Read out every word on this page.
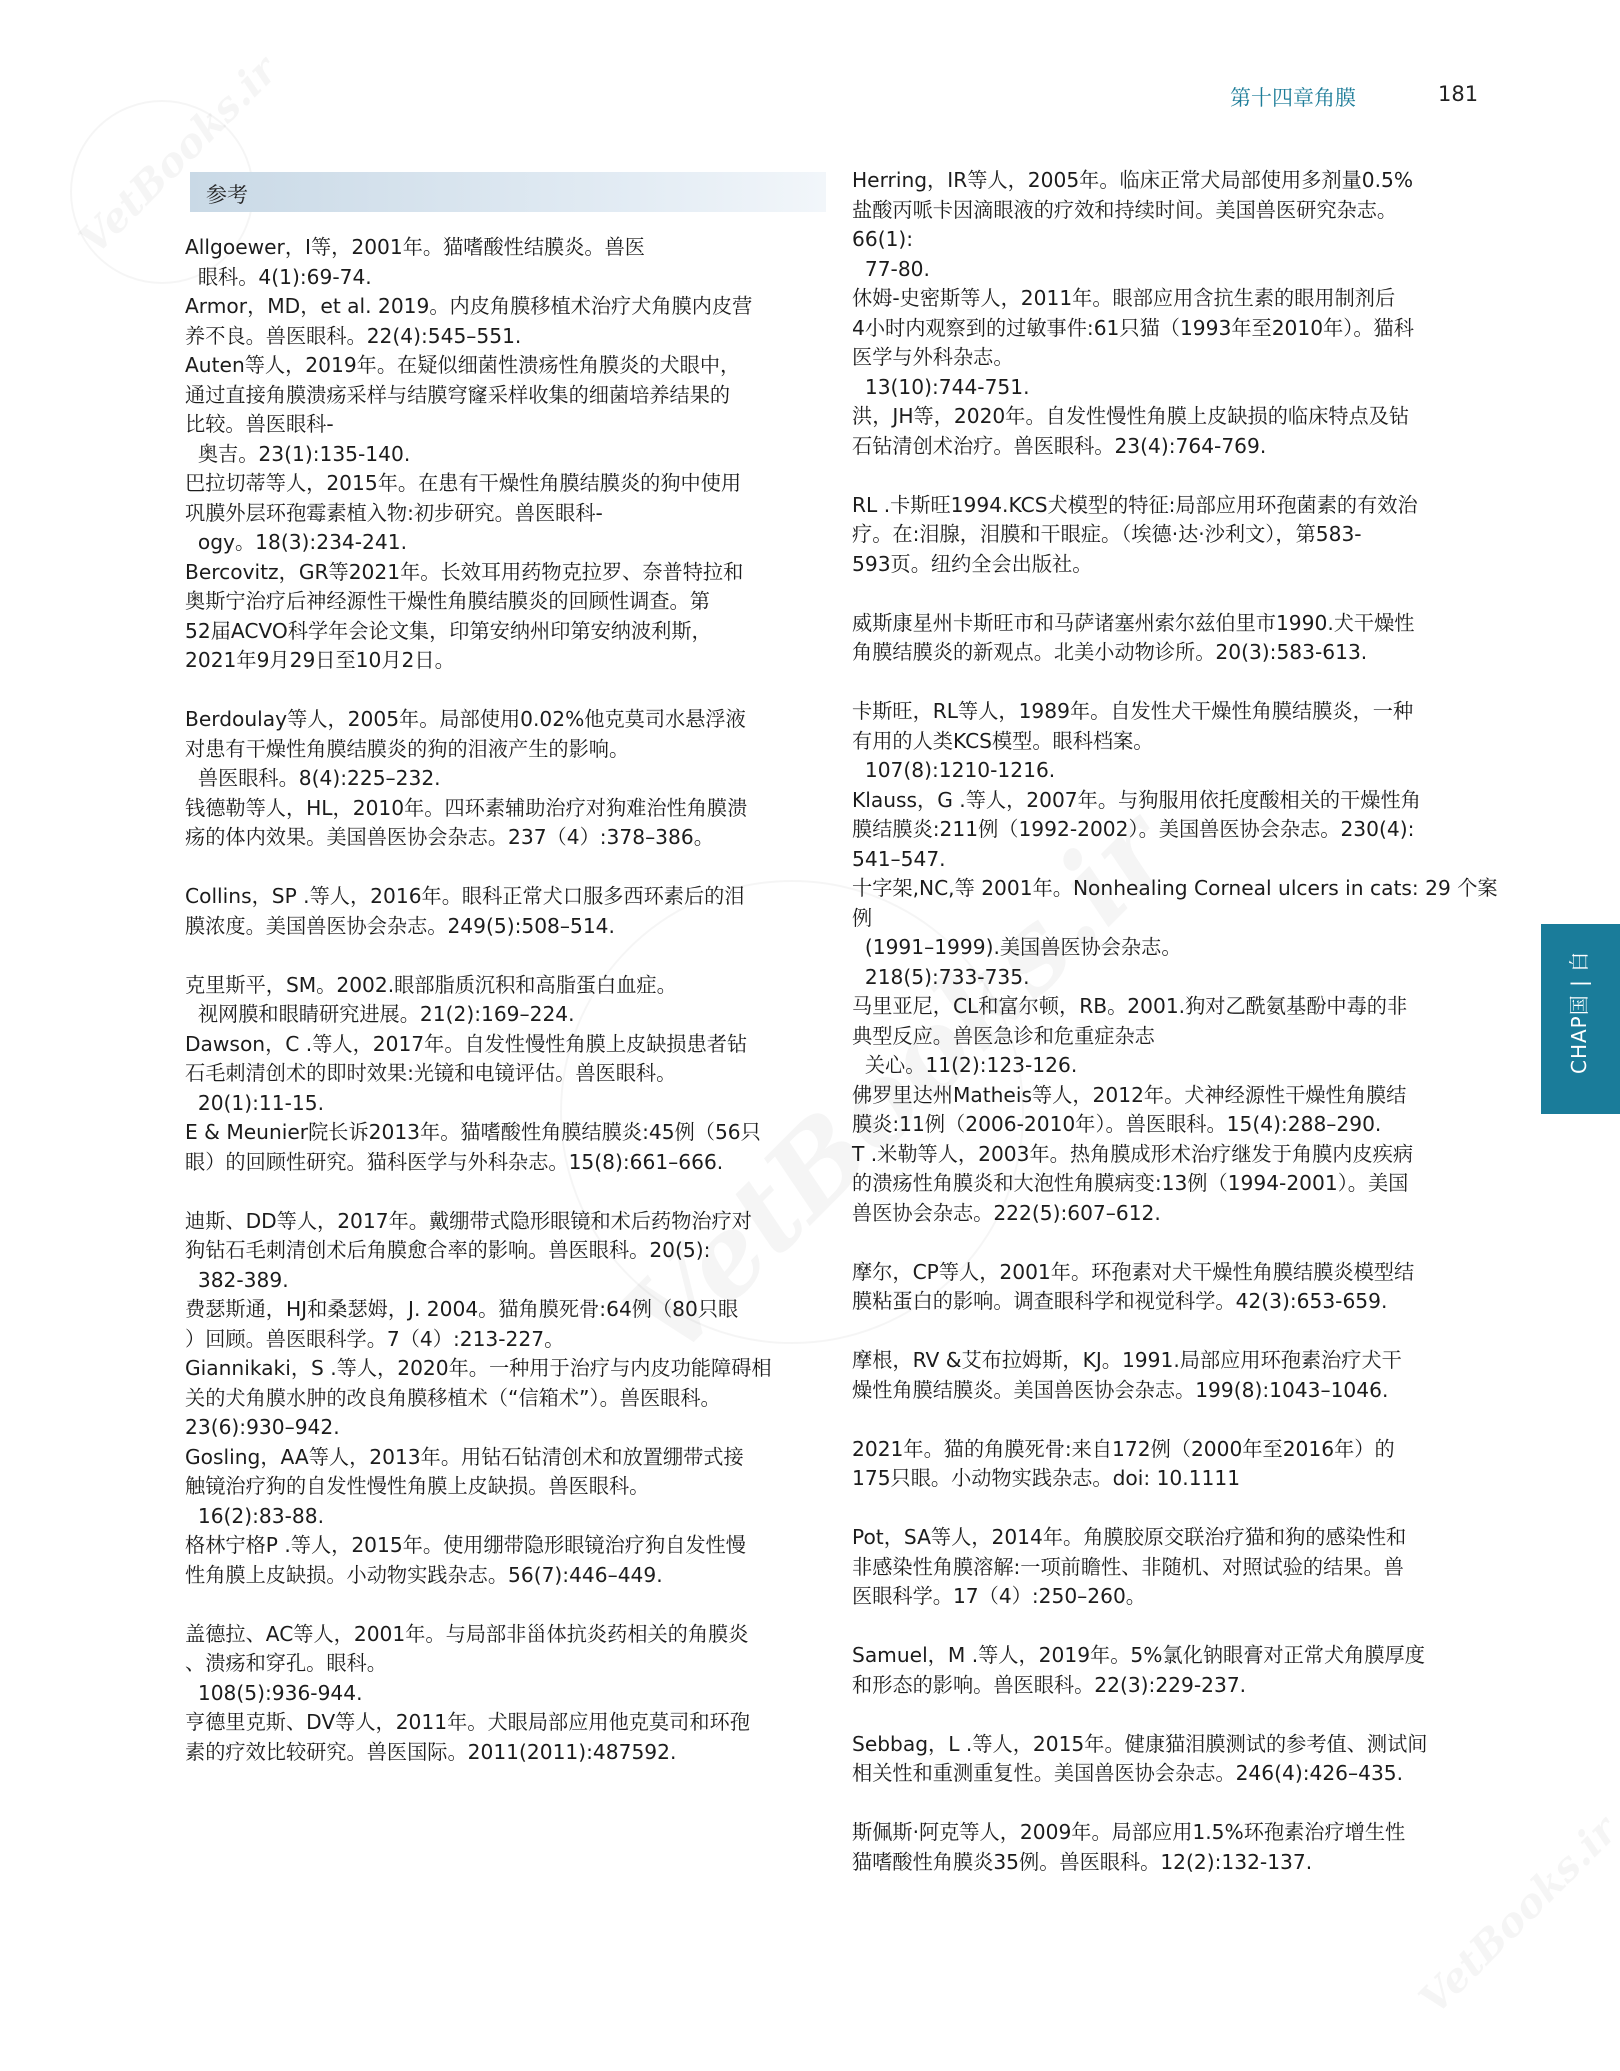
第十四章角膜	181
参考

Allgoewer，I等，2001年。猫嗜酸性结膜炎。兽医
眼科。4(1):69-74.

Armor，MD，et al. 2019。内皮角膜移植术治疗犬角膜内皮营
养不良。兽医眼科。22(4):545–551.

Auten等人，2019年。在疑似细菌性溃疡性角膜炎的犬眼中，
通过直接角膜溃疡采样与结膜穹窿采样收集的细菌培养结果的
比较。兽医眼科-
奥吉。23(1):135-140.

巴拉切蒂等人，2015年。在患有干燥性角膜结膜炎的狗中使用
巩膜外层环孢霉素植入物:初步研究。兽医眼科-
ogy。18(3):234-241.

Bercovitz，GR等2021年。长效耳用药物克拉罗、奈普特拉和
奥斯宁治疗后神经源性干燥性角膜结膜炎的回顾性调查。第
52届ACVO科学年会论文集，印第安纳州印第安纳波利斯，
2021年9月29日至10月2日。

Berdoulay等人，2005年。局部使用0.02%他克莫司水悬浮液
对患有干燥性角膜结膜炎的狗的泪液产生的影响。
兽医眼科。8(4):225–232.

钱德勒等人，HL，2010年。四环素辅助治疗对狗难治性角膜溃
疡的体内效果。美国兽医协会杂志。237（4）:378–386。

Collins，SP .等人，2016年。眼科正常犬口服多西环素后的泪
膜浓度。美国兽医协会杂志。249(5):508–514.

克里斯平，SM。2002.眼部脂质沉积和高脂蛋白血症。
视网膜和眼睛研究进展。21(2):169–224.

Dawson，C .等人，2017年。自发性慢性角膜上皮缺损患者钻
石毛刺清创术的即时效果:光镜和电镜评估。兽医眼科。

20(1):11-15.

E & Meunier院长诉2013年。猫嗜酸性角膜结膜炎:45例（56只
眼）的回顾性研究。猫科医学与外科杂志。15(8):661–666.

迪斯、DD等人，2017年。戴绷带式隐形眼镜和术后药物治疗对
狗钻石毛刺清创术后角膜愈合率的影响。兽医眼科。20(5):

382-389.

费瑟斯通，HJ和桑瑟姆，J. 2004。猫角膜死骨:64例（80只眼
）回顾。兽医眼科学。7（4）:213-227。

Giannikaki，S .等人，2020年。一种用于治疗与内皮功能障碍相
关的犬角膜水肿的改良角膜移植术（“信箱术”）。兽医眼科。
23(6):930–942.

Gosling，AA等人，2013年。用钻石钻清创术和放置绷带式接
触镜治疗狗的自发性慢性角膜上皮缺损。兽医眼科。

16(2):83-88.

格林宁格P .等人，2015年。使用绷带隐形眼镜治疗狗自发性慢
性角膜上皮缺损。小动物实践杂志。56(7):446–449.

盖德拉、AC等人，2001年。与局部非甾体抗炎药相关的角膜炎
、溃疡和穿孔。眼科。
108(5):936-944.

亨德里克斯、DV等人，2011年。犬眼局部应用他克莫司和环孢
素的疗效比较研究。兽医国际。2011(2011):487592.

Herring，IR等人，2005年。临床正常犬局部使用多剂量0.5%
盐酸丙哌卡因滴眼液的疗效和持续时间。美国兽医研究杂志。
66(1):
77-80.

休姆-史密斯等人，2011年。眼部应用含抗生素的眼用制剂后
4小时内观察到的过敏事件:61只猫（1993年至2010年）。猫科
医学与外科杂志。
13(10):744-751.

洪，JH等，2020年。自发性慢性角膜上皮缺损的临床特点及钻
石钻清创术治疗。兽医眼科。23(4):764-769.

RL .卡斯旺1994.KCS犬模型的特征:局部应用环孢菌素的有效治
疗。在:泪腺，泪膜和干眼症。（埃德·达·沙利文），第583-
593页。纽约全会出版社。

威斯康星州卡斯旺市和马萨诸塞州索尔兹伯里市1990.犬干燥性
角膜结膜炎的新观点。北美小动物诊所。20(3):583-613.

卡斯旺，RL等人，1989年。自发性犬干燥性角膜结膜炎，一种
有用的人类KCS模型。眼科档案。
107(8):1210-1216.

Klauss，G .等人，2007年。与狗服用依托度酸相关的干燥性角
膜结膜炎:211例（1992-2002）。美国兽医协会杂志。230(4):
541–547.

十字架,NC,等 2001年。Nonhealing Corneal ulcers in cats: 29 个案例
(1991–1999).美国兽医协会杂志。
218(5):733-735.

马里亚尼，CL和富尔顿，RB。2001.狗对乙酰氨基酚中毒的非
典型反应。兽医急诊和危重症杂志
关心。11(2):123-126.

佛罗里达州Matheis等人，2012年。犬神经源性干燥性角膜结
膜炎:11例（2006-2010年）。兽医眼科。15(4):288–290.

T .米勒等人，2003年。热角膜成形术治疗继发于角膜内皮疾病
的溃疡性角膜炎和大泡性角膜病变:13例（1994-2001）。美国
兽医协会杂志。222(5):607–612.

摩尔，CP等人，2001年。环孢素对犬干燥性角膜结膜炎模型结
膜粘蛋白的影响。调查眼科学和视觉科学。42(3):653-659.

摩根，RV &艾布拉姆斯，KJ。1991.局部应用环孢素治疗犬干
燥性角膜结膜炎。美国兽医协会杂志。199(8):1043–1046.

2021年。猫的角膜死骨:来自172例（2000年至2016年）的
175只眼。小动物实践杂志。doi: 10.1111

Pot，SA等人，2014年。角膜胶原交联治疗猫和狗的感染性和
非感染性角膜溶解:一项前瞻性、非随机、对照试验的结果。兽
医眼科学。17（4）:250–260。

Samuel，M .等人，2019年。5%氯化钠眼膏对正常犬角膜厚度
和形态的影响。兽医眼科。22(3):229-237.

Sebbag，L .等人，2015年。健康猫泪膜测试的参考值、测试间
相关性和重测重复性。美国兽医协会杂志。246(4):426–435.

斯佩斯·阿克等人，2009年。局部应用1.5%环孢素治疗增生性
猫嗜酸性角膜炎35例。兽医眼科。12(2):132-137.

CHAP国 | 白
